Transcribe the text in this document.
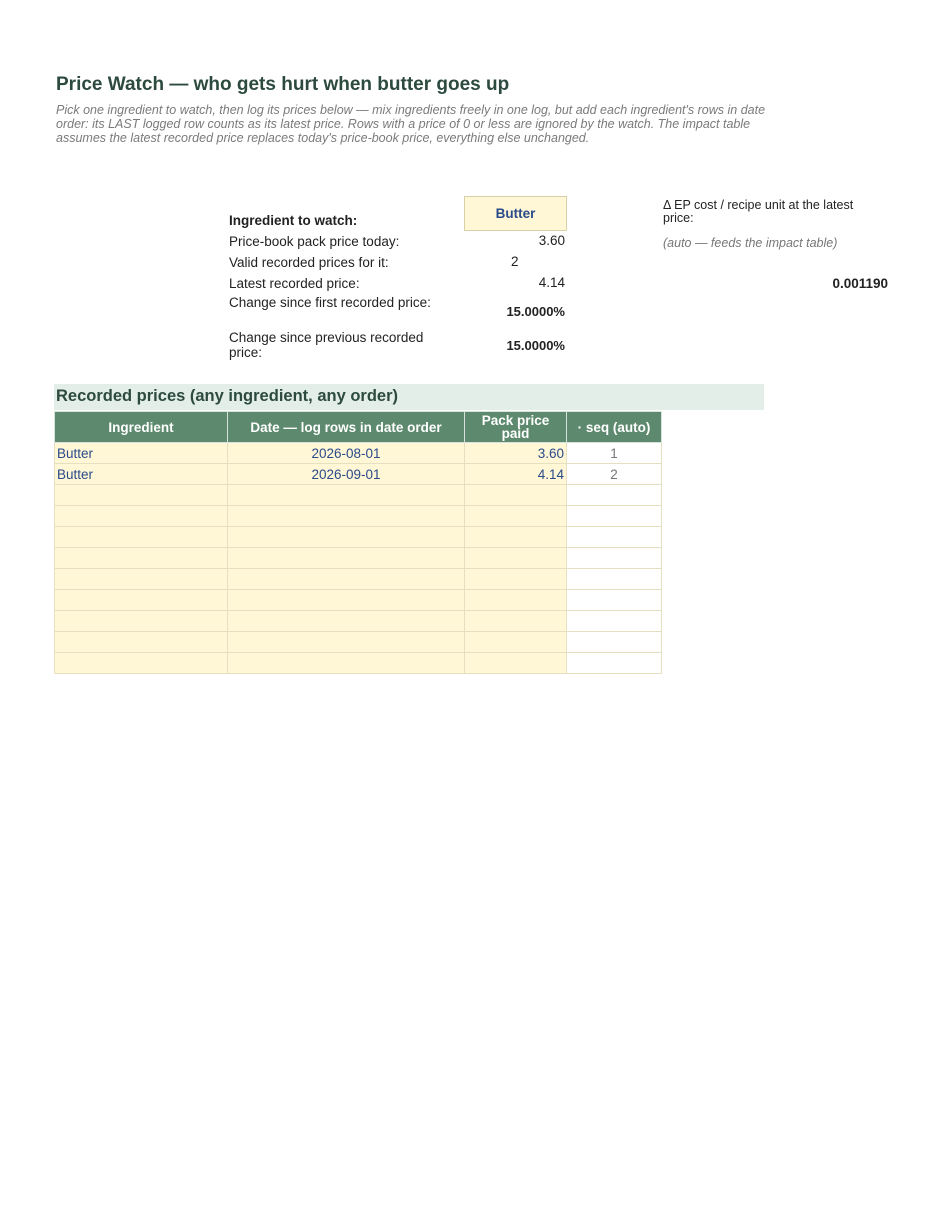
Price Watch — who gets hurt when butter goes up
Pick one ingredient to watch, then log its prices below — mix ingredients freely in one log, but add each ingredient's rows in date order: its LAST logged row counts as its latest price. Rows with a price of 0 or less are ignored by the watch. The impact table assumes the latest recorded price replaces today's price-book price, everything else unchanged.
Ingredient to watch:	Butter
Price-book pack price today:	3.60
Valid recorded prices for it:	2
Latest recorded price:	4.14
Change since first recorded price:
15.0000%
Change since previous recorded price:	15.0000%
Δ EP cost / recipe unit at the latest price:
(auto — feeds the impact table)
0.001190
Recorded prices (any ingredient, any order)
Ingredient	Date — log rows in date order	Pack price paid	· seq (auto)
Butter	2026-08-01	3.60	1
Butter	2026-09-01	4.14	2
